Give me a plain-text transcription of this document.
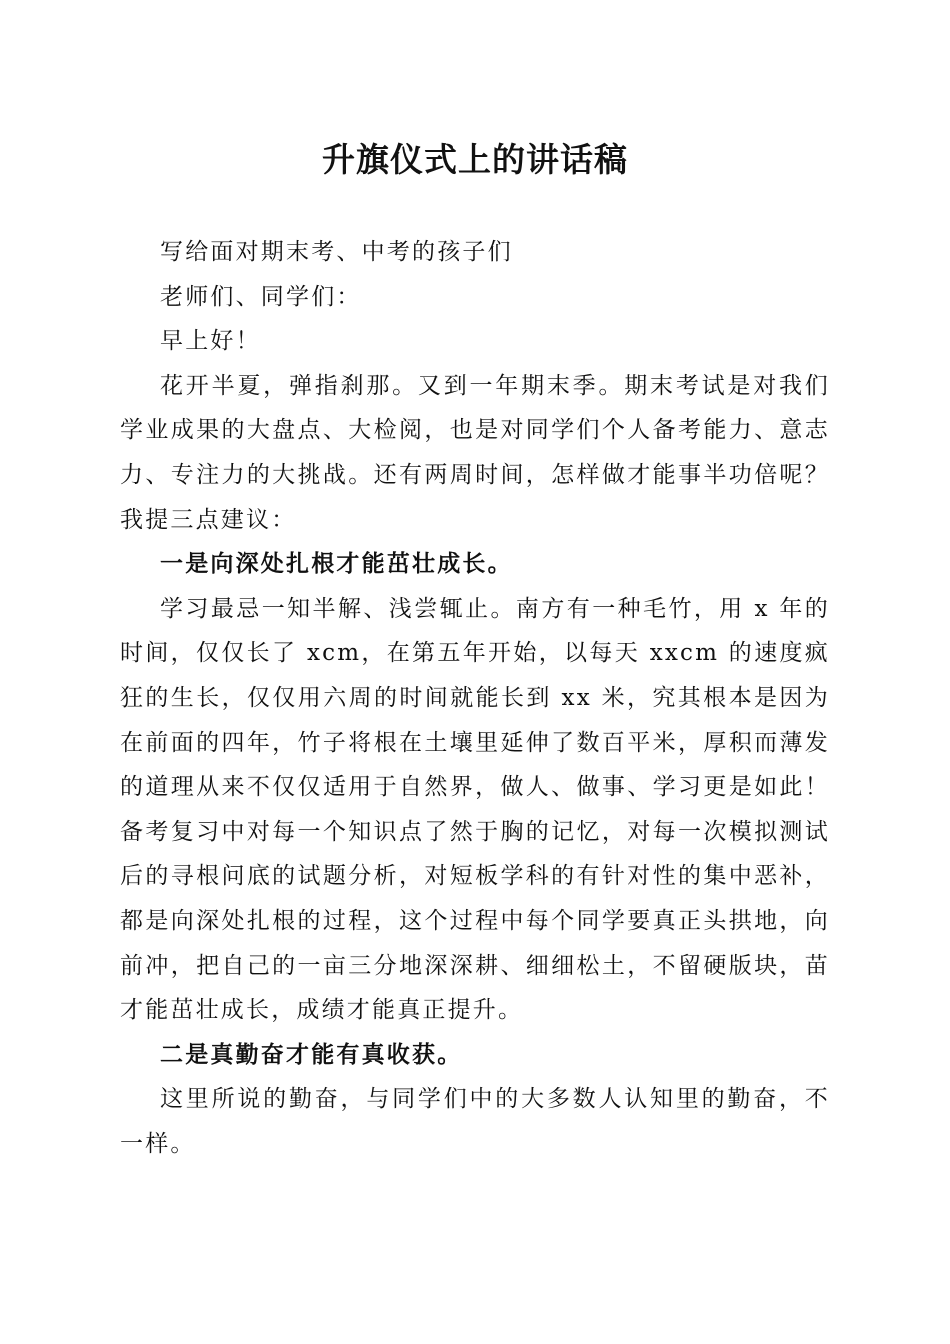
升旗仪式上的讲话稿

写给面对期末考、中考的孩子们

老师们、同学们：

早上好！

花开半夏，弹指刹那。又到一年期末季。期末考试是对我们学业成果的大盘点、大检阅，也是对同学们个人备考能力、意志力、专注力的大挑战。还有两周时间，怎样做才能事半功倍呢？我提三点建议：

一是向深处扎根才能茁壮成长。

学习最忌一知半解、浅尝辄止。南方有一种毛竹，用 x 年的时间，仅仅长了 xcm，在第五年开始，以每天 xxcm 的速度疯狂的生长，仅仅用六周的时间就能长到 xx 米，究其根本是因为在前面的四年，竹子将根在土壤里延伸了数百平米，厚积而薄发的道理从来不仅仅适用于自然界，做人、做事、学习更是如此！备考复习中对每一个知识点了然于胸的记忆，对每一次模拟测试后的寻根问底的试题分析，对短板学科的有针对性的集中恶补，都是向深处扎根的过程，这个过程中每个同学要真正头拱地，向前冲，把自己的一亩三分地深深耕、细细松土，不留硬版块，苗才能茁壮成长，成绩才能真正提升。

二是真勤奋才能有真收获。

这里所说的勤奋，与同学们中的大多数人认知里的勤奋，不一样。
